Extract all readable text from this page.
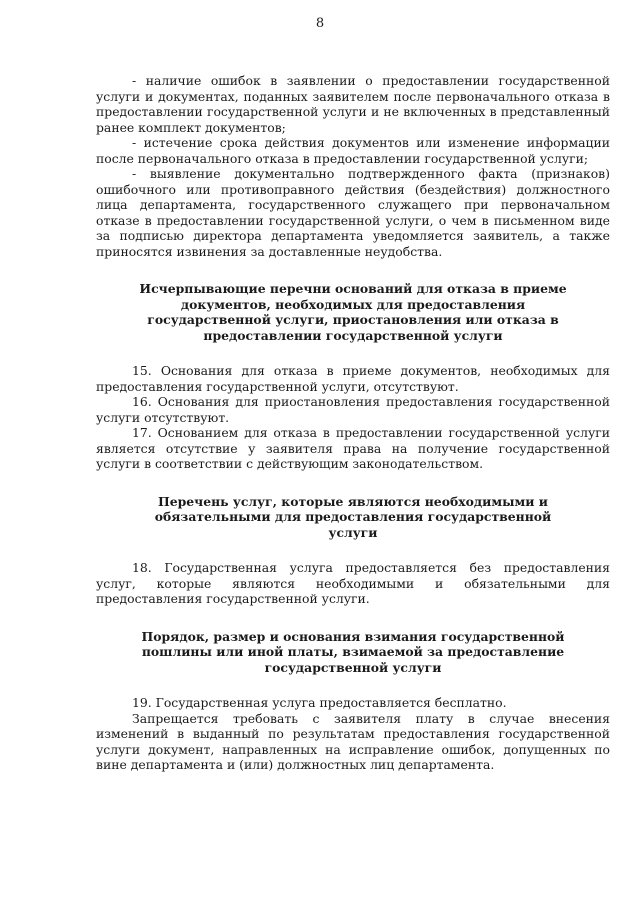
8

- наличие ошибок в заявлении о предоставлении государственной услуги и документах, поданных заявителем после первоначального отказа в предоставлении государственной услуги и не включенных в представленный ранее комплект документов;

- истечение срока действия документов или изменение информации после первоначального отказа в предоставлении государственной услуги;

- выявление документально подтвержденного факта (признаков) ошибочного или противоправного действия (бездействия) должностного лица департамента, государственного служащего при первоначальном отказе в предоставлении государственной услуги, о чем в письменном виде за подписью директора департамента уведомляется заявитель, а также приносятся извинения за доставленные неудобства.

Исчерпывающие перечни оснований для отказа в приеме документов, необходимых для предоставления государственной услуги, приостановления или отказа в предоставлении государственной услуги

15. Основания для отказа в приеме документов, необходимых для предоставления государственной услуги, отсутствуют.

16. Основания для приостановления предоставления государственной услуги отсутствуют.

17. Основанием для отказа в предоставлении государственной услуги является отсутствие у заявителя права на получение государственной услуги в соответствии с действующим законодательством.

Перечень услуг, которые являются необходимыми и обязательными для предоставления государственной услуги

18. Государственная услуга предоставляется без предоставления услуг, которые являются необходимыми и обязательными для предоставления государственной услуги.

Порядок, размер и основания взимания государственной пошлины или иной платы, взимаемой за предоставление государственной услуги

19. Государственная услуга предоставляется бесплатно.

Запрещается требовать с заявителя плату в случае внесения изменений в выданный по результатам предоставления государственной услуги документ, направленных на исправление ошибок, допущенных по вине департамента и (или) должностных лиц департамента.
